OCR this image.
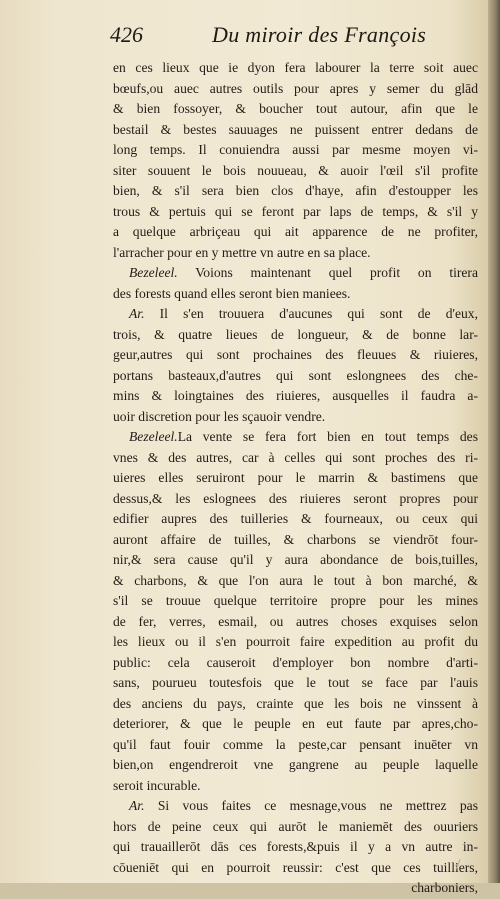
426	Du miroir des François
en ces lieux que ie dyon fera labourer la terre soit auec
bœufs,ou auec autres outils pour apres y semer du glād
& bien fossoyer, & boucher tout autour, afin que le
bestail & bestes sauuages ne puissent entrer dedans de
long temps. Il conuiendra aussi par mesme moyen vi-
siter souuent le bois nouueau, & auoir l'œil s'il profite
bien, & s'il sera bien clos d'haye, afin d'estoupper les
trous & pertuis qui se feront par laps de temps, & s'il y
a quelque arbriçeau qui ait apparence de ne profiter,
l'arracher pour en y mettre vn autre en sa place.
Bezeleel. Voions maintenant quel profit on tirera
des forests quand elles seront bien maniees.
Ar. Il s'en trouuera d'aucunes qui sont de d'eux,
trois, & quatre lieues de longueur, & de bonne lar-
geur,autres qui sont prochaines des fleuues & riuieres,
portans basteaux,d'autres qui sont eslongnees des che-
mins & loingtaines des riuieres, ausquelles il faudra a-
uoir discretion pour les sçauoir vendre.
Bezeleel.La vente se fera fort bien en tout temps des
vnes & des autres, car à celles qui sont proches des ri-
uieres elles seruiront pour le marrin & bastimens que
dessus,& les eslognees des riuieres seront propres pour
edifier aupres des tuilleries & fourneaux, ou ceux qui
auront affaire de tuilles, & charbons se viendrōt four-
nir,& sera cause qu'il y aura abondance de bois,tuilles,
& charbons, & que l'on aura le tout à bon marché, &
s'il se trouue quelque territoire propre pour les mines
de fer, verres, esmail, ou autres choses exquises selon
les lieux ou il s'en pourroit faire expedition au profit du
public: cela causeroit d'employer bon nombre d'arti-
sans, pourueu toutesfois que le tout se face par l'auis
des anciens du pays, crainte que les bois ne vinssent à
deteriorer, & que le peuple en eut faute par apres,cho-
qu'il faut fouir comme la peste,car pensant inuēter vn
bien,on engendreroit vne gangrene au peuple laquelle
seroit incurable.
Ar. Si vous faites ce mesnage,vous ne mettrez pas
hors de peine ceux qui aurōt le maniemēt des ouuriers
qui trauaillerōt dās ces forests,&puis il y a vn autre in-
cōueniēt qui en pourroit reussir: c'est que ces tuilliers,
charboniers,
